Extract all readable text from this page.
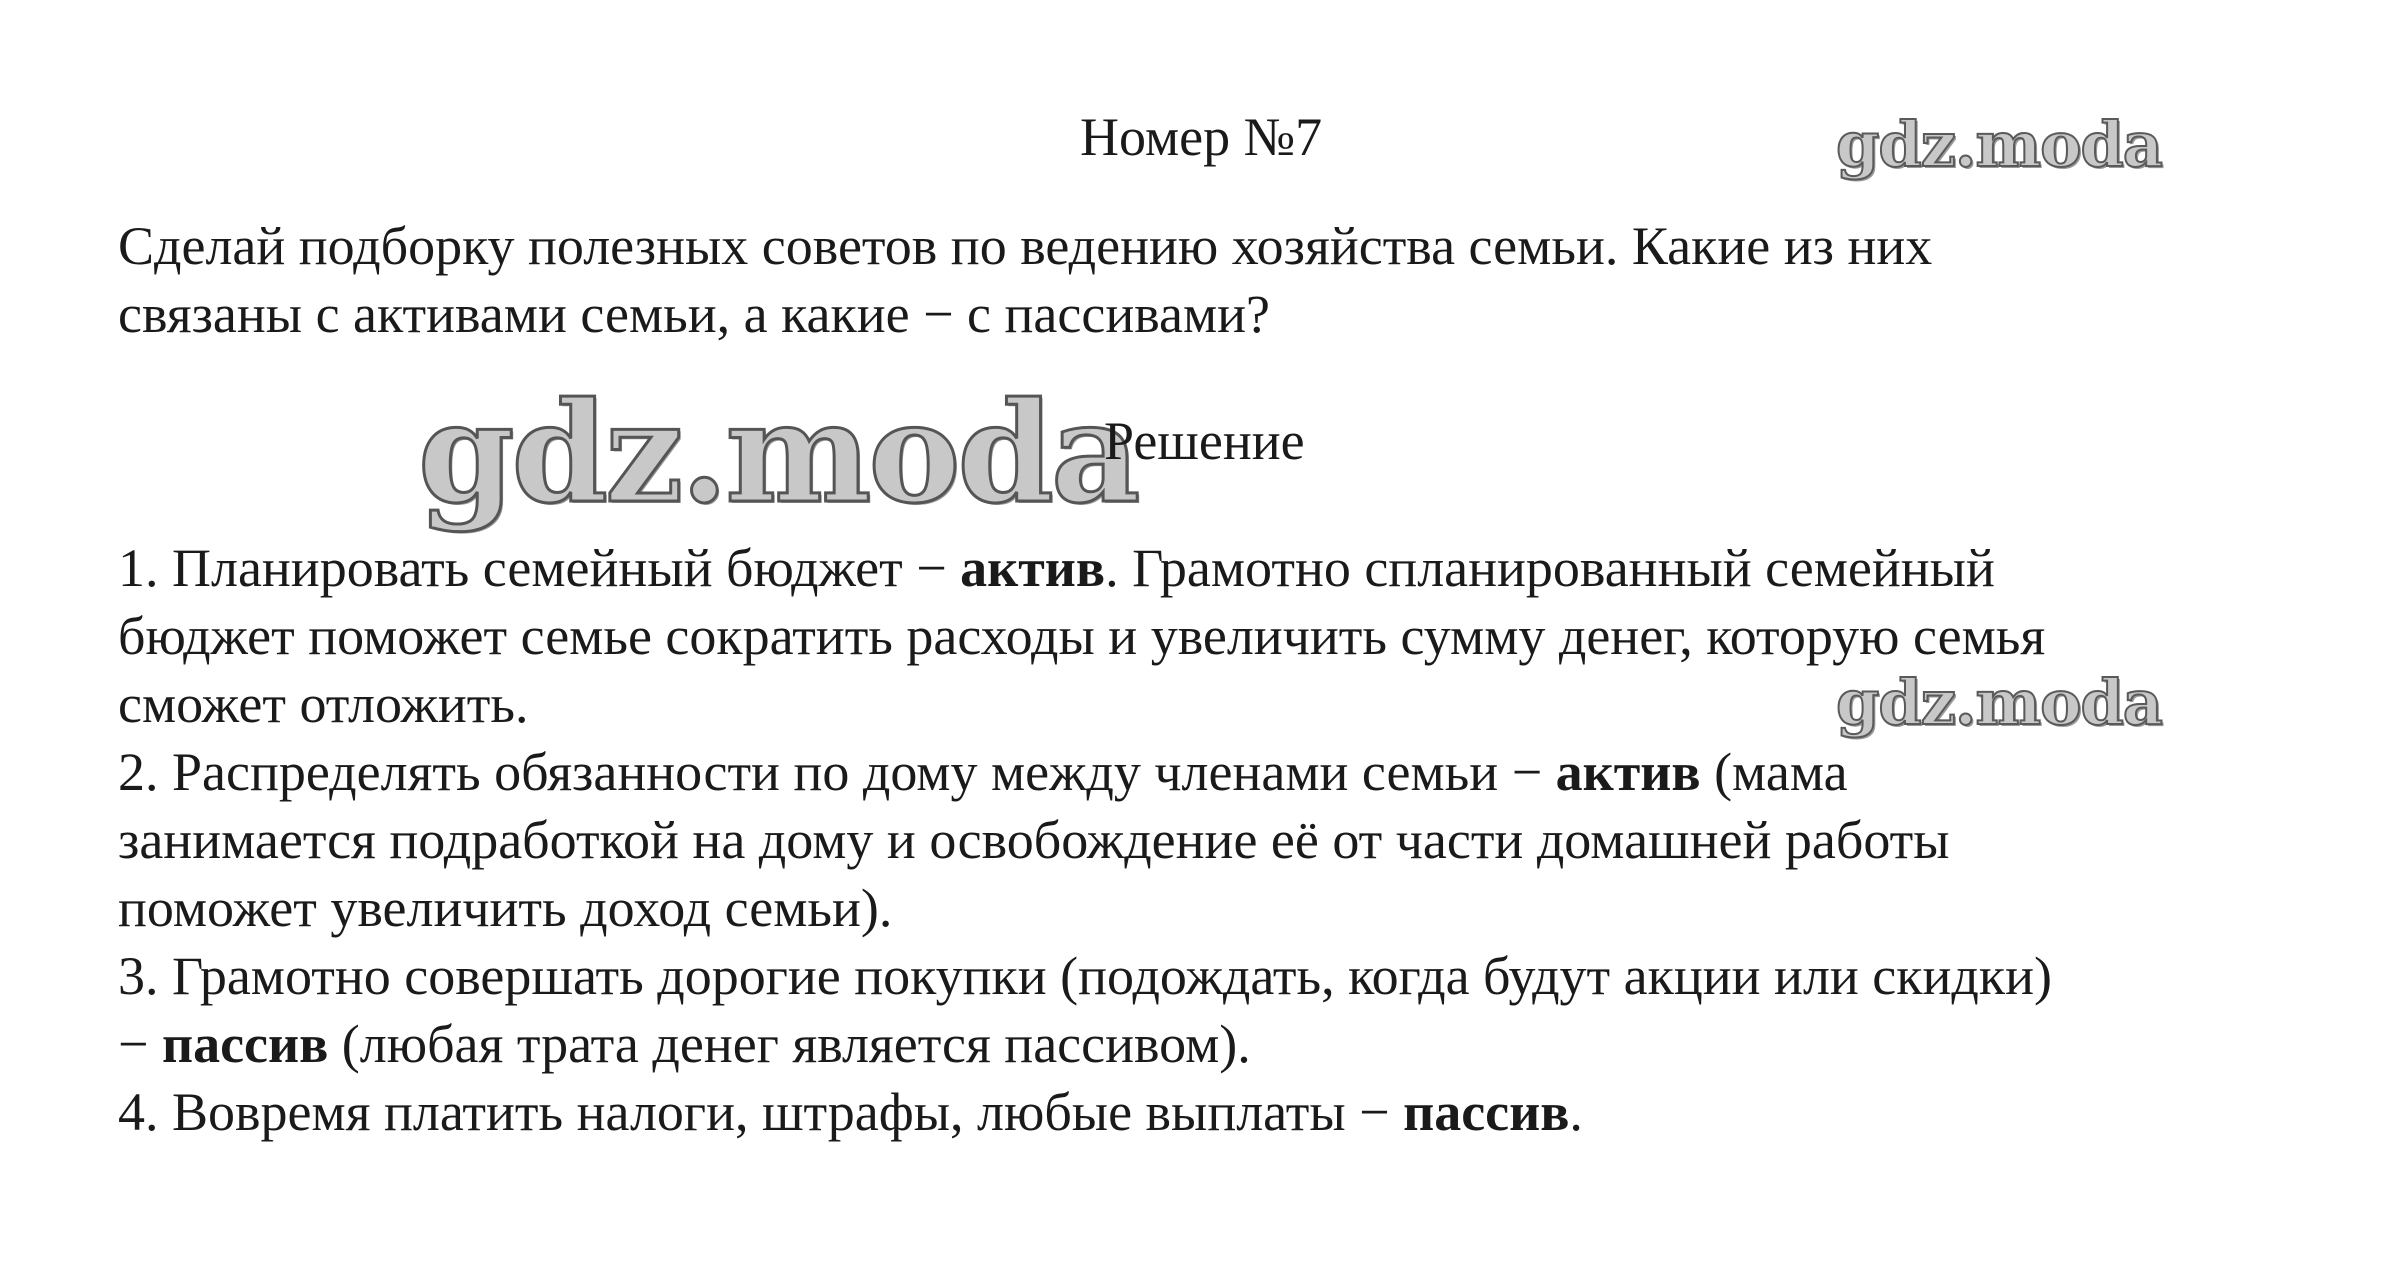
Номер №7	gdz.moda
Сделай подборку полезных советов по ведению хозяйства семьи. Какие из них
связаны с активами семьи, а какие − с пассивами?
gdz.moda
Решение
1. Планировать семейный бюджет − актив. Грамотно спланированный семейный
бюджет поможет семье сократить расходы и увеличить сумму денег, которую семья
сможет отложить.
2. Распределять обязанности по дому между членами семьи − актив (мама
занимается подработкой на дому и освобождение её от части домашней работы
поможет увеличить доход семьи).
3. Грамотно совершать дорогие покупки (подождать, когда будут акции или скидки)
− пассив (любая трата денег является пассивом).
4. Вовремя платить налоги, штрафы, любые выплаты − пассив.
gdz.moda
